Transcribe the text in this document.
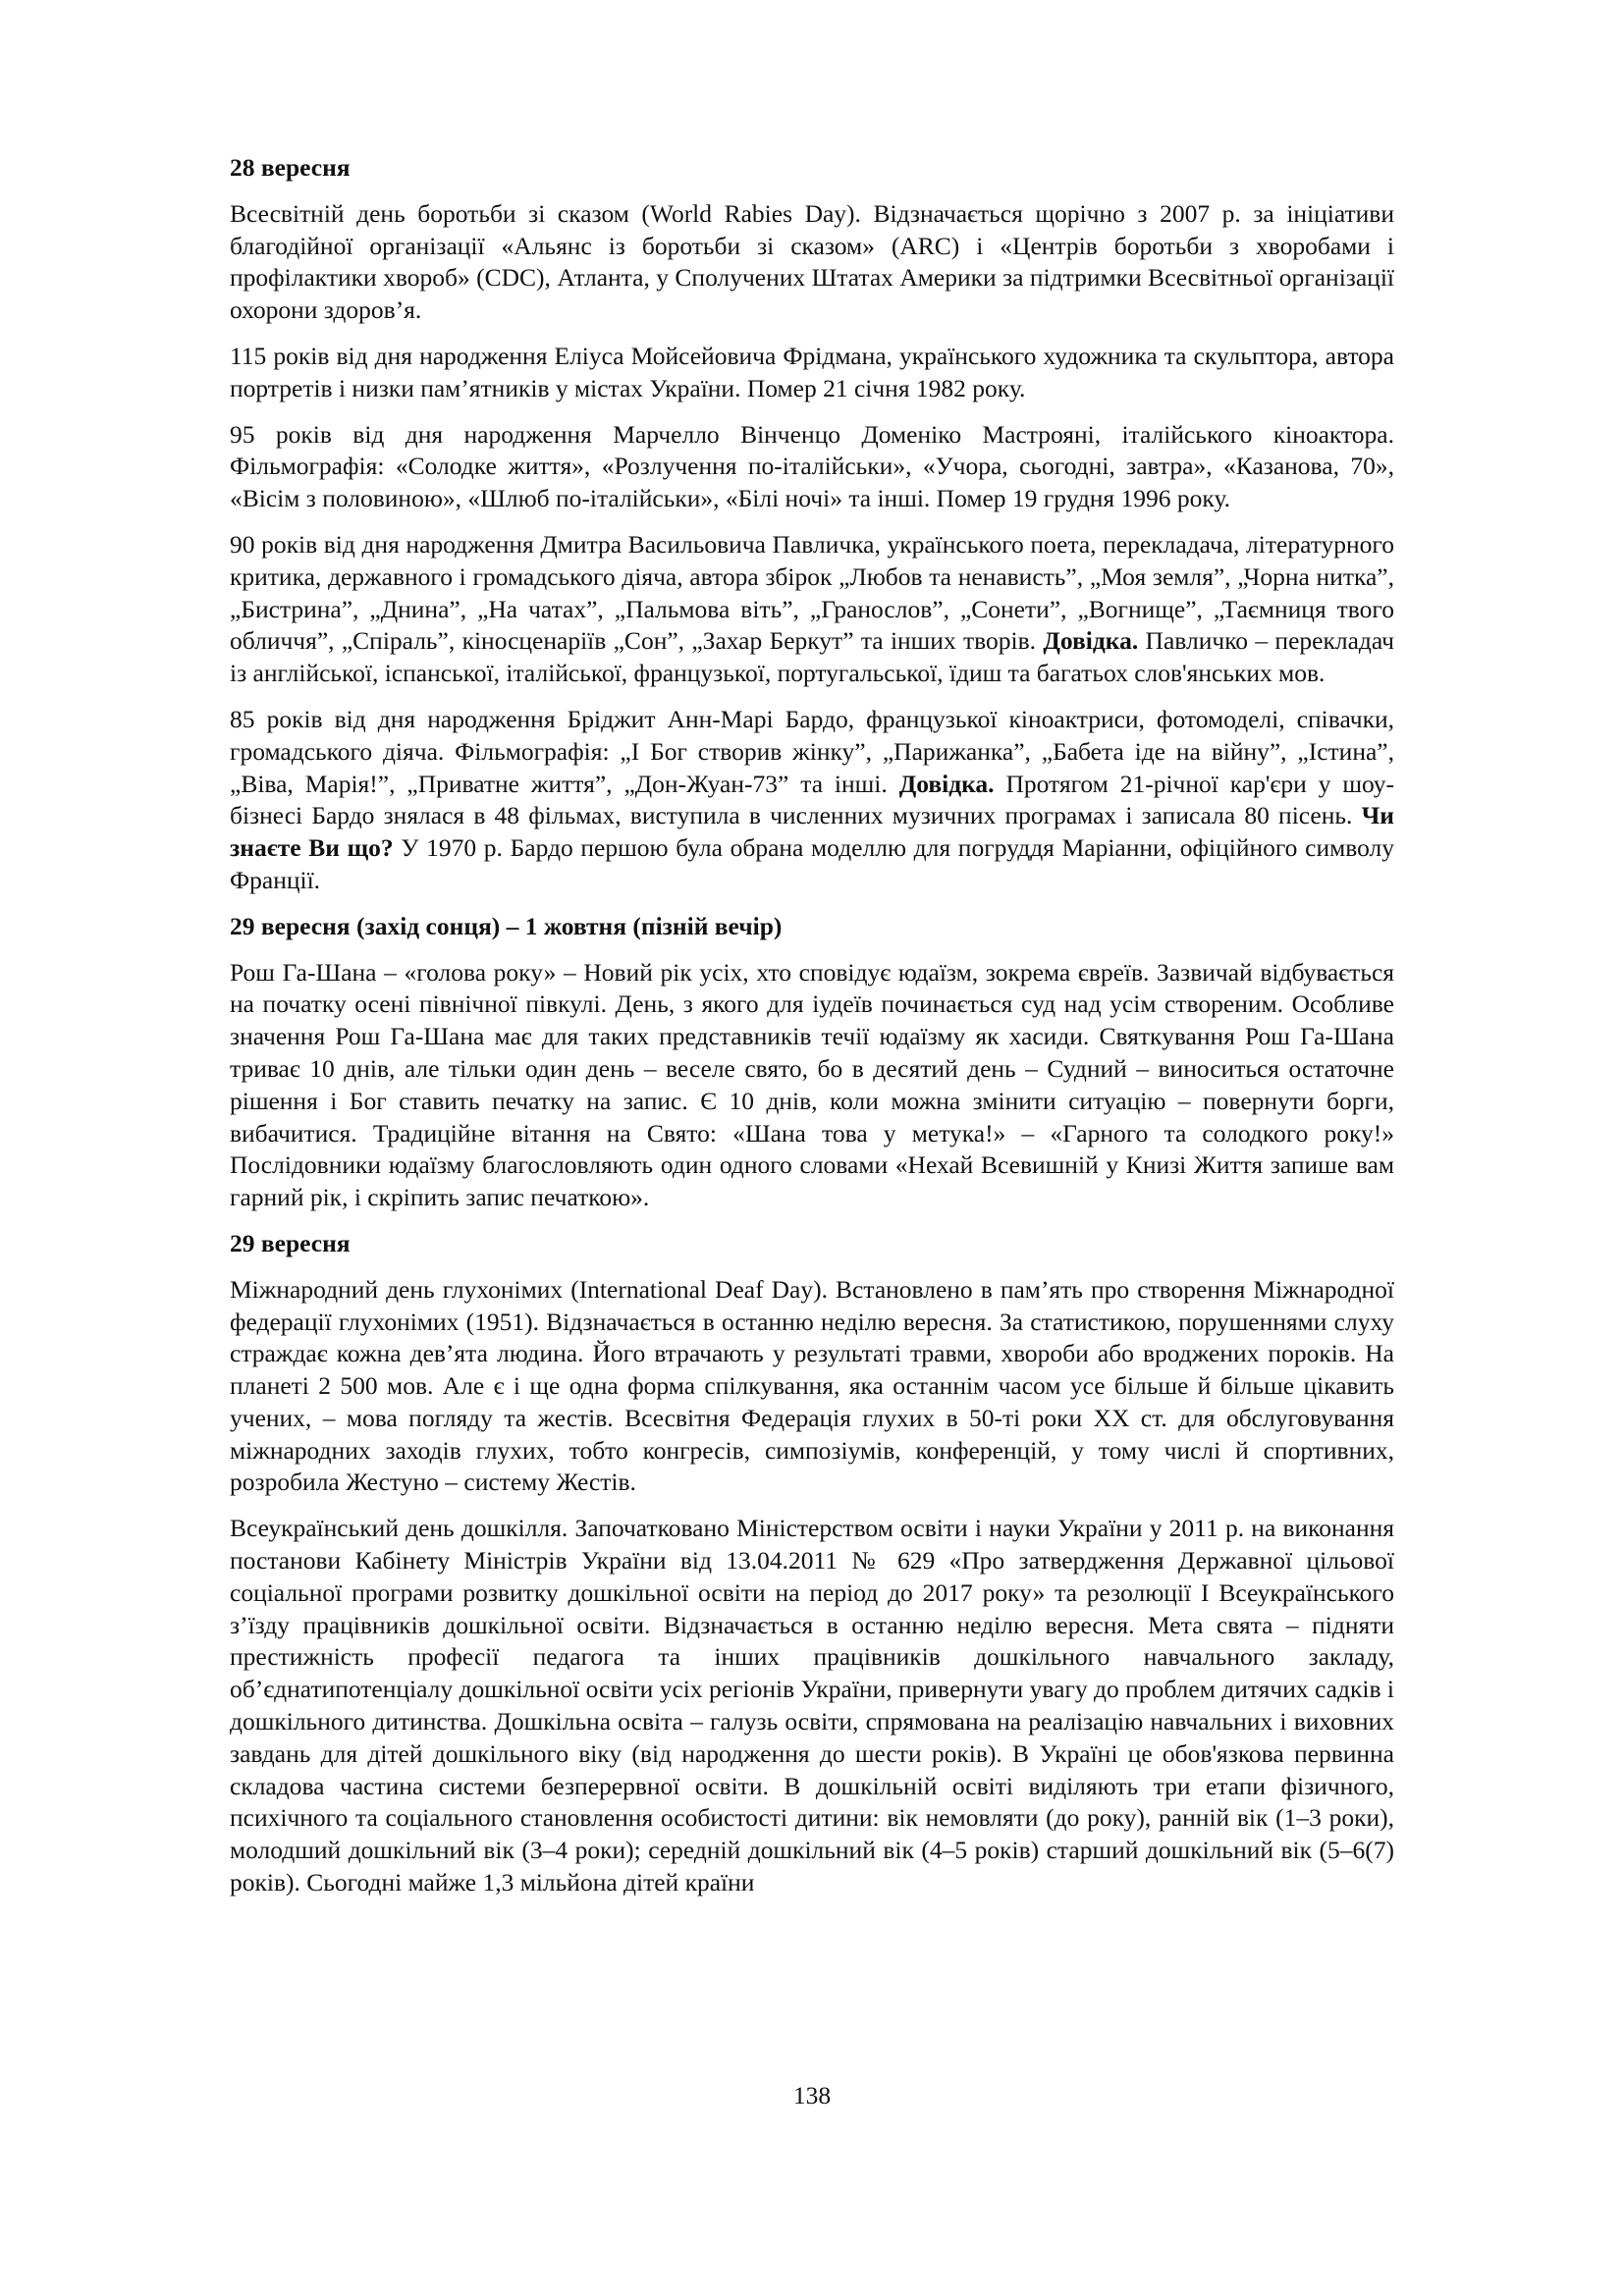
28 вересня

Всесвітній день боротьби зі сказом (World Rabies Day). Відзначається щорічно з 2007 р. за ініціативи благодійної організації «Альянс із боротьби зі сказом» (ARC) і «Центрів боротьби з хворобами і профілактики хвороб» (CDC), Атланта, у Сполучених Штатах Америки за підтримки Всесвітньої організації охорони здоров’я.

115 років від дня народження Еліуса Мойсейовича Фрідмана, українського художника та скульптора, автора портретів і низки пам’ятників у містах України. Помер 21 січня 1982 року.

95 років від дня народження Марчелло Вінченцо Доменіко Мастрояні, італійського кіноактора. Фільмографія: «Солодке життя», «Розлучення по-італійськи», «Учора, сьогодні, завтра», «Казанова, 70», «Вісім з половиною», «Шлюб по-італійськи», «Білі ночі» та інші. Помер 19 грудня 1996 року.

90 років від дня народження Дмитра Васильовича Павличка, українського поета, перекладача, літературного критика, державного і громадського діяча, автора збірок „Любов та ненависть”, „Моя земля”, „Чорна нитка”, „Бистрина”, „Днина”, „На чатах”, „Пальмова віть”, „Гранослов”, „Сонети”, „Вогнище”, „Таємниця твого обличчя”, „Спіраль”, кіносценаріїв „Сон”, „Захар Беркут” та інших творів. Довідка. Павличко – перекладач із англійської, іспанської, італійської, французької, португальської, їдиш та багатьох слов'янських мов.

85 років від дня народження Бріджит Анн-Марі Бардо, французької кіноактриси, фотомоделі, співачки, громадського діяча. Фільмографія: „І Бог створив жінку”, „Парижанка”, „Бабета іде на війну”, „Істина”, „Віва, Марія!”, „Приватне життя”, „Дон-Жуан-73” та інші. Довідка. Протягом 21-річної кар'єри у шоу-бізнесі Бардо знялася в 48 фільмах, виступила в численних музичних програмах і записала 80 пісень. Чи знаєте Ви що? У 1970 р. Бардо першою була обрана моделлю для погруддя Маріанни, офіційного символу Франції.

29 вересня (захід сонця) – 1 жовтня (пізній вечір)

Рош Га-Шана – «голова року» – Новий рік усіх, хто сповідує юдаїзм, зокрема євреїв. Зазвичай відбувається на початку осені північної півкулі. День, з якого для іудеїв починається суд над усім створеним. Особливе значення Рош Га-Шана має для таких представників течії юдаїзму як хасиди. Святкування Рош Га-Шана триває 10 днів, але тільки один день – веселе свято, бо в десятий день – Судний – виноситься остаточне рішення і Бог ставить печатку на запис. Є 10 днів, коли можна змінити ситуацію – повернути борги, вибачитися. Традиційне вітання на Свято: «Шана това у метука!» – «Гарного та солодкого року!» Послідовники юдаїзму благословляють один одного словами «Нехай Всевишній у Книзі Життя запише вам гарний рік, і скріпить запис печаткою».

29 вересня

Міжнародний день глухонімих (International Deaf Day). Встановлено в пам’ять про створення Міжнародної федерації глухонімих (1951). Відзначається в останню неділю вересня. За статистикою, порушеннями слуху страждає кожна дев’ята людина. Його втрачають у результаті травми, хвороби або вроджених пороків. На планеті 2 500 мов. Але є і ще одна форма спілкування, яка останнім часом усе більше й більше цікавить учених, – мова погляду та жестів. Всесвітня Федерація глухих в 50-ті роки XX ст. для обслуговування міжнародних заходів глухих, тобто конгресів, симпозіумів, конференцій, у тому числі й спортивних, розробила Жестуно – систему Жестів.

Всеукраїнський день дошкілля. Започатковано Міністерством освіти і науки України у 2011 р. на виконання постанови Кабінету Міністрів України від 13.04.2011 № 629 «Про затвердження Державної цільової соціальної програми розвитку дошкільної освіти на період до 2017 року» та резолюції І Всеукраїнського з’їзду працівників дошкільної освіти. Відзначається в останню неділю вересня. Мета свята – підняти престижність професії педагога та інших працівників дошкільного навчального закладу, об’єднатипотенціалу дошкільної освіти усіх регіонів України, привернути увагу до проблем дитячих садків і дошкільного дитинства. Дошкільна освіта – галузь освіти, спрямована на реалізацію навчальних і виховних завдань для дітей дошкільного віку (від народження до шести років). В Україні це обов'язкова первинна складова частина системи безперервної освіти. В дошкільній освіті виділяють три етапи фізичного, психічного та соціального становлення особистості дитини: вік немовляти (до року), ранній вік (1–3 роки), молодший дошкільний вік (3–4 роки); середній дошкільний вік (4–5 років) старший дошкільний вік (5–6(7) років). Сьогодні майже 1,3 мільйона дітей країни

138
